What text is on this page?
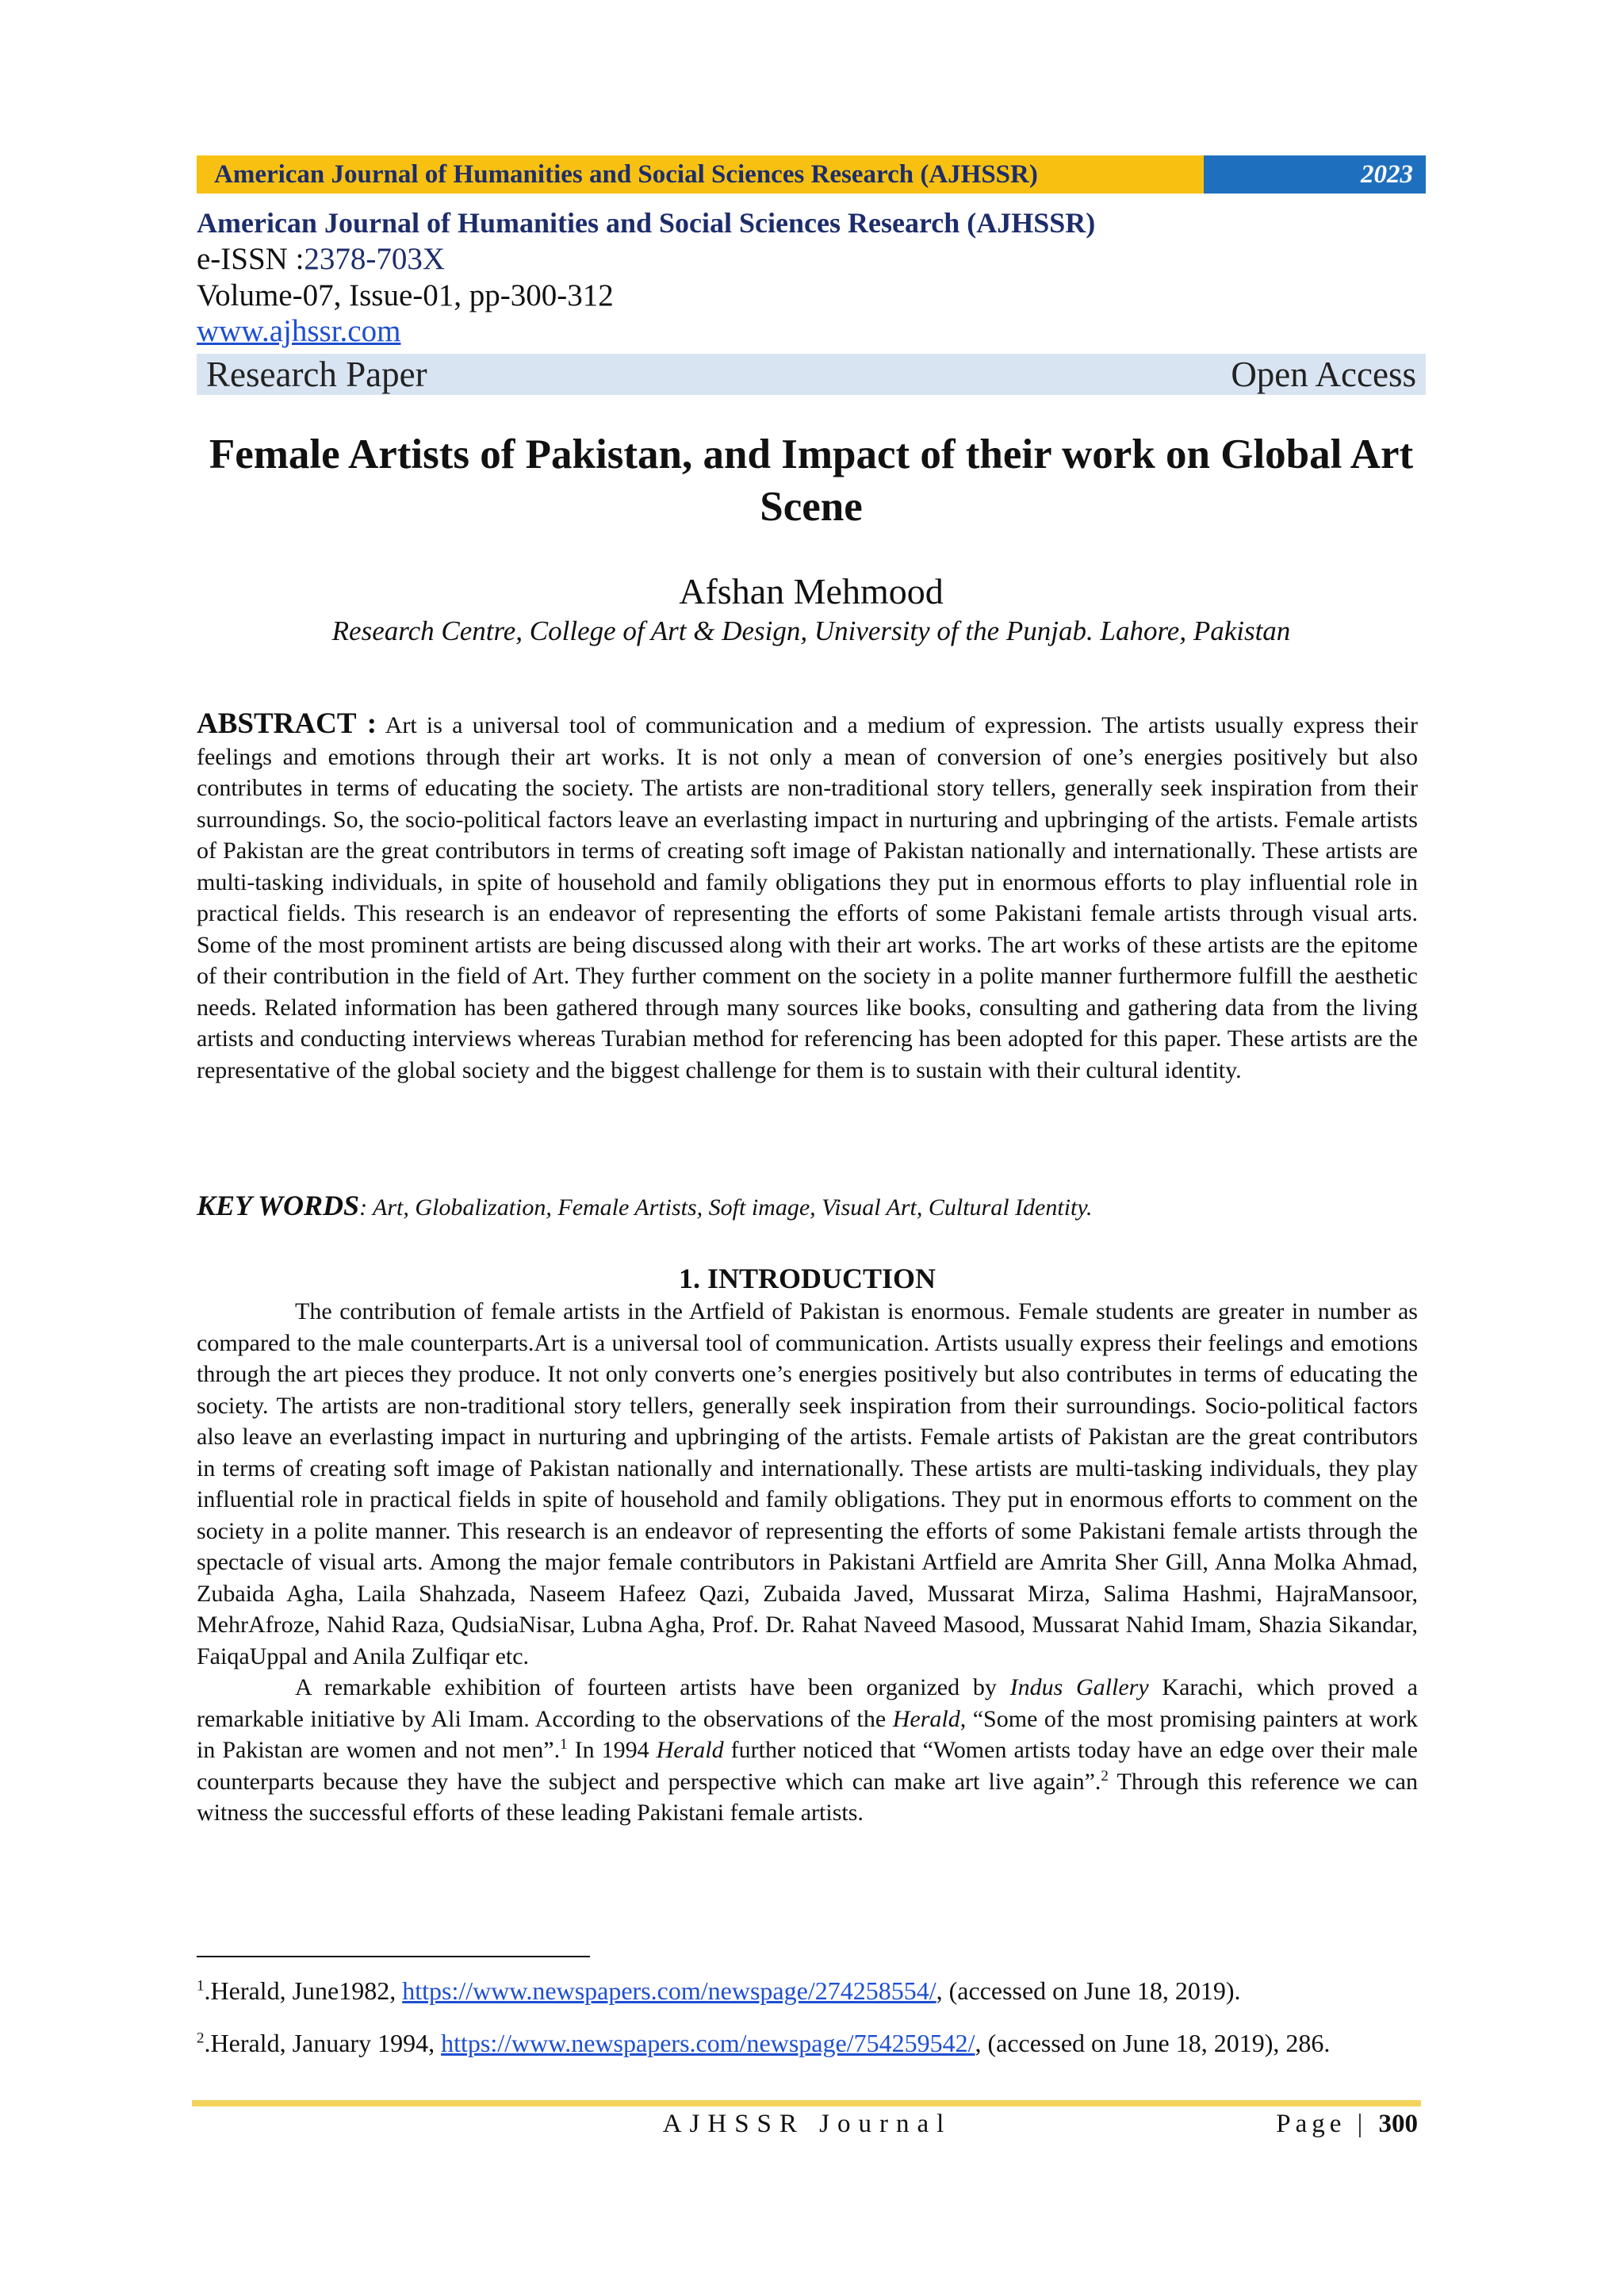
American Journal of Humanities and Social Sciences Research (AJHSSR)	2023
American Journal of Humanities and Social Sciences Research (AJHSSR)
e-ISSN :2378-703X
Volume-07, Issue-01, pp-300-312
www.ajhssr.com
Research Paper	Open Access
Female Artists of Pakistan, and Impact of their work on Global Art Scene
Afshan Mehmood
Research Centre, College of Art & Design, University of the Punjab. Lahore, Pakistan
ABSTRACT : Art is a universal tool of communication and a medium of expression. The artists usually express their feelings and emotions through their art works. It is not only a mean of conversion of one’s energies positively but also contributes in terms of educating the society. The artists are non-traditional story tellers, generally seek inspiration from their surroundings. So, the socio-political factors leave an everlasting impact in nurturing and upbringing of the artists. Female artists of Pakistan are the great contributors in terms of creating soft image of Pakistan nationally and internationally. These artists are multi-tasking individuals, in spite of household and family obligations they put in enormous efforts to play influential role in practical fields. This research is an endeavor of representing the efforts of some Pakistani female artists through visual arts. Some of the most prominent artists are being discussed along with their art works. The art works of these artists are the epitome of their contribution in the field of Art. They further comment on the society in a polite manner furthermore fulfill the aesthetic needs. Related information has been gathered through many sources like books, consulting and gathering data from the living artists and conducting interviews whereas Turabian method for referencing has been adopted for this paper. These artists are the representative of the global society and the biggest challenge for them is to sustain with their cultural identity.
KEY WORDS: Art, Globalization, Female Artists, Soft image, Visual Art, Cultural Identity.
1. INTRODUCTION

The contribution of female artists in the Artfield of Pakistan is enormous. Female students are greater in number as compared to the male counterparts.Art is a universal tool of communication. Artists usually express their feelings and emotions through the art pieces they produce. It not only converts one’s energies positively but also contributes in terms of educating the society. The artists are non-traditional story tellers, generally seek inspiration from their surroundings. Socio-political factors also leave an everlasting impact in nurturing and upbringing of the artists. Female artists of Pakistan are the great contributors in terms of creating soft image of Pakistan nationally and internationally. These artists are multi-tasking individuals, they play influential role in practical fields in spite of household and family obligations. They put in enormous efforts to comment on the society in a polite manner. This research is an endeavor of representing the efforts of some Pakistani female artists through the spectacle of visual arts. Among the major female contributors in Pakistani Artfield are Amrita Sher Gill, Anna Molka Ahmad, Zubaida Agha, Laila Shahzada, Naseem Hafeez Qazi, Zubaida Javed, Mussarat Mirza, Salima Hashmi, HajraMansoor, MehrAfroze, Nahid Raza, QudsiaNisar, Lubna Agha, Prof. Dr. Rahat Naveed Masood, Mussarat Nahid Imam, Shazia Sikandar, FaiqaUppal and Anila Zulfiqar etc.

A remarkable exhibition of fourteen artists have been organized by Indus Gallery Karachi, which proved a remarkable initiative by Ali Imam. According to the observations of the Herald, “Some of the most promising painters at work in Pakistan are women and not men”.$^1$ In 1994 Herald further noticed that “Women artists today have an edge over their male counterparts because they have the subject and perspective which can make art live again”.$^2$ Through this reference we can witness the successful efforts of these leading Pakistani female artists.

$^1$.Herald, June1982, https://www.newspapers.com/newspage/274258554/, (accessed on June 18, 2019).

$^2$.Herald, January 1994, https://www.newspapers.com/newspage/754259542/, (accessed on June 18, 2019), 286.

AJHSSR Journal	Page | 300
